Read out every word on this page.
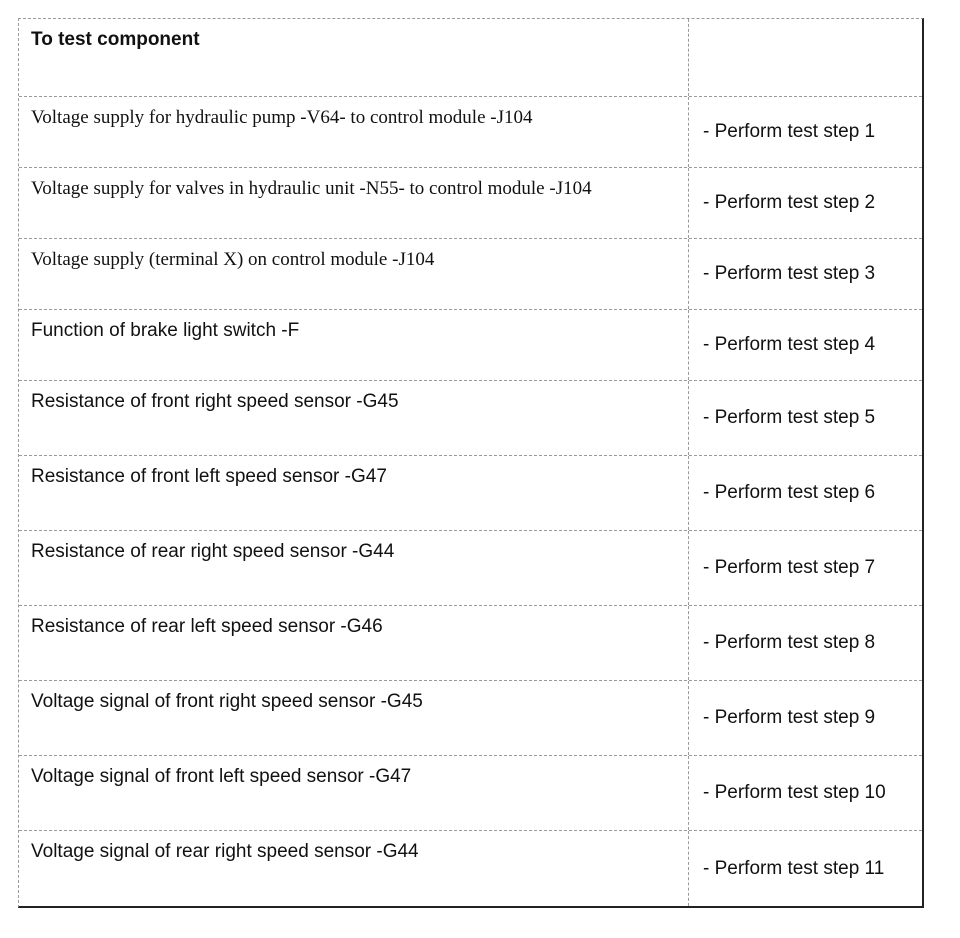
To test component
Voltage supply for hydraulic pump -V64- to control module -J104
- Perform test step 1
Voltage supply for valves in hydraulic unit -N55- to control module -J104
- Perform test step 2
Voltage supply (terminal X) on control module -J104
- Perform test step 3
Function of brake light switch -F
- Perform test step 4
Resistance of front right speed sensor -G45
- Perform test step 5
Resistance of front left speed sensor -G47
- Perform test step 6
Resistance of rear right speed sensor -G44
- Perform test step 7
Resistance of rear left speed sensor -G46
- Perform test step 8
Voltage signal of front right speed sensor -G45
- Perform test step 9
Voltage signal of front left speed sensor -G47
- Perform test step 10
Voltage signal of rear right speed sensor -G44
- Perform test step 11
